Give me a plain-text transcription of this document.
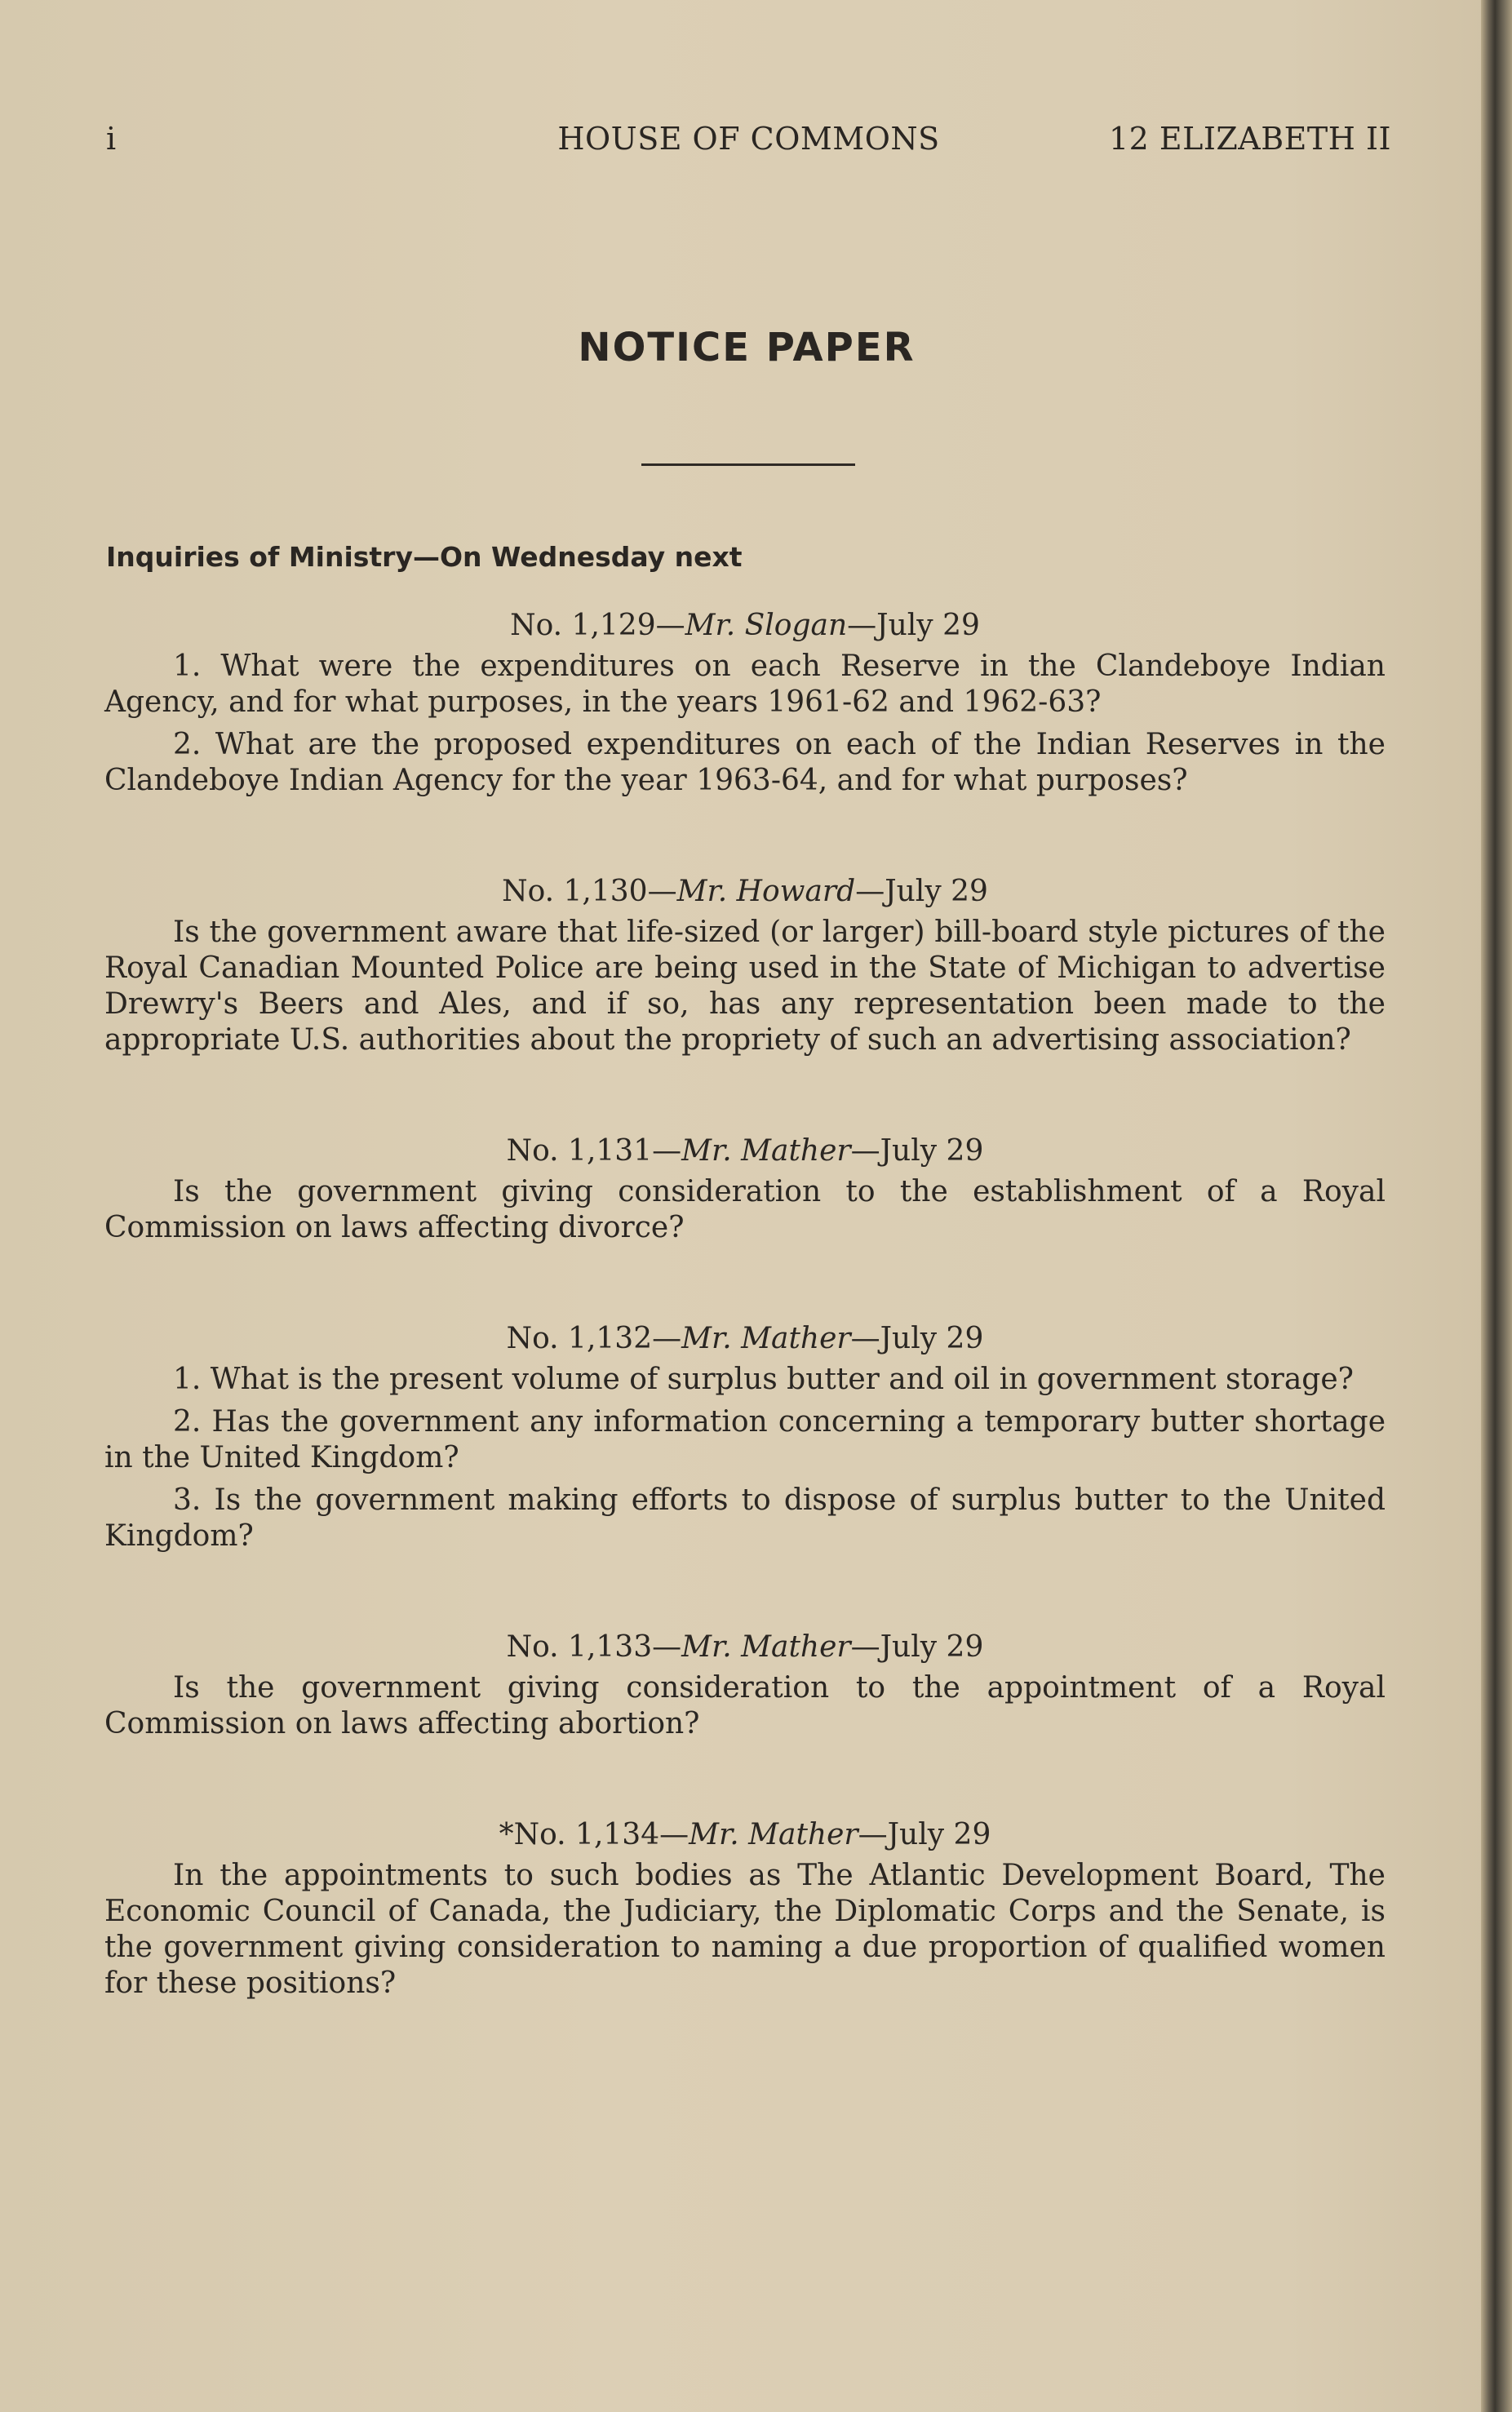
i	HOUSE OF COMMONS	12 ELIZABETH II
NOTICE PAPER
Inquiries of Ministry—On Wednesday next

No. 1,129—Mr. Slogan—July 29

1. What were the expenditures on each Reserve in the Clandeboye Indian Agency, and for what purposes, in the years 1961-62 and 1962-63?

2. What are the proposed expenditures on each of the Indian Reserves in the Clandeboye Indian Agency for the year 1963-64, and for what purposes?

No. 1,130—Mr. Howard—July 29

Is the government aware that life-sized (or larger) bill-board style pictures of the Royal Canadian Mounted Police are being used in the State of Michigan to advertise Drewry's Beers and Ales, and if so, has any representation been made to the appropriate U.S. authorities about the propriety of such an advertising association?

No. 1,131—Mr. Mather—July 29

Is the government giving consideration to the establishment of a Royal Commission on laws affecting divorce?

No. 1,132—Mr. Mather—July 29

1. What is the present volume of surplus butter and oil in government storage?

2. Has the government any information concerning a temporary butter shortage in the United Kingdom?

3. Is the government making efforts to dispose of surplus butter to the United Kingdom?

No. 1,133—Mr. Mather—July 29

Is the government giving consideration to the appointment of a Royal Commission on laws affecting abortion?

*No. 1,134—Mr. Mather—July 29

In the appointments to such bodies as The Atlantic Development Board, The Economic Council of Canada, the Judiciary, the Diplomatic Corps and the Senate, is the government giving consideration to naming a due proportion of qualified women for these positions?
